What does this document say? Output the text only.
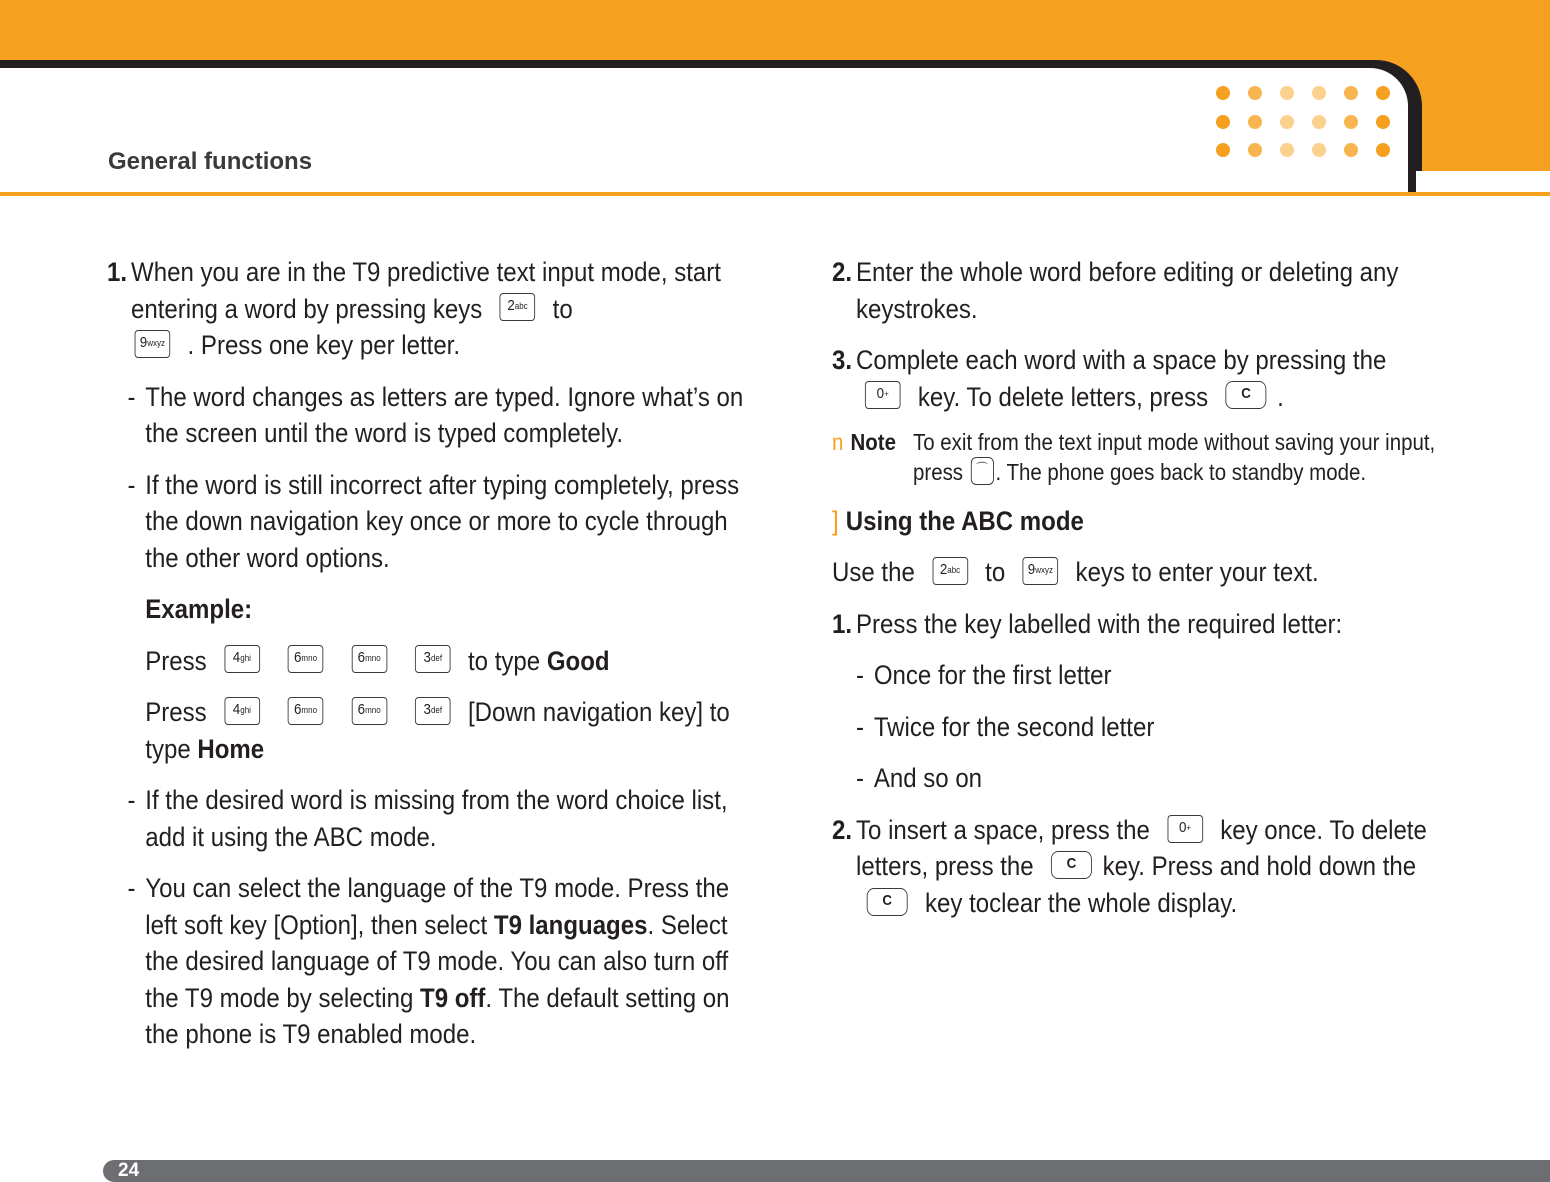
General functions
1. When you are in the T9 predictive text input mode, start entering a word by pressing keys $2^{abc}$ to
$9^{wxyz}$ . Press one key per letter.
- The word changes as letters are typed. Ignore what’s on the screen until the word is typed completely.
- If the word is still incorrect after typing completely, press the down navigation key once or more to cycle through the other word options.
Example:
Press $4^{ghi}$	$6^{mno}$	$6^{mno}$	$3^{def}$ to type Good
Press $4^{ghi}$	$6^{mno}$	$6^{mno}$	$3^{def}$ [Down navigation key] to type Home
- If the desired word is missing from the word choice list, add it using the ABC mode.
- You can select the language of the T9 mode. Press the left soft key [Option], then select T9 languages. Select the desired language of T9 mode. You can also turn off the T9 mode by selecting T9 off. The default setting on the phone is T9 enabled mode.
2. Enter the whole word before editing or deleting any keystrokes.
3. Complete each word with a space by pressing the
0+ key. To delete letters, press C .
n Note To exit from the text input mode without saving your input, press ⌒ . The phone goes back to standby mode.
] Using the ABC mode
Use the $2^{abc}$ to $9^{wxyz}$ keys to enter your text.
1. Press the key labelled with the required letter:
- Once for the first letter
- Twice for the second letter
- And so on
2. To insert a space, press the 0+ key once. To delete letters, press the C key. Press and hold down the C key toclear the whole display.
24
